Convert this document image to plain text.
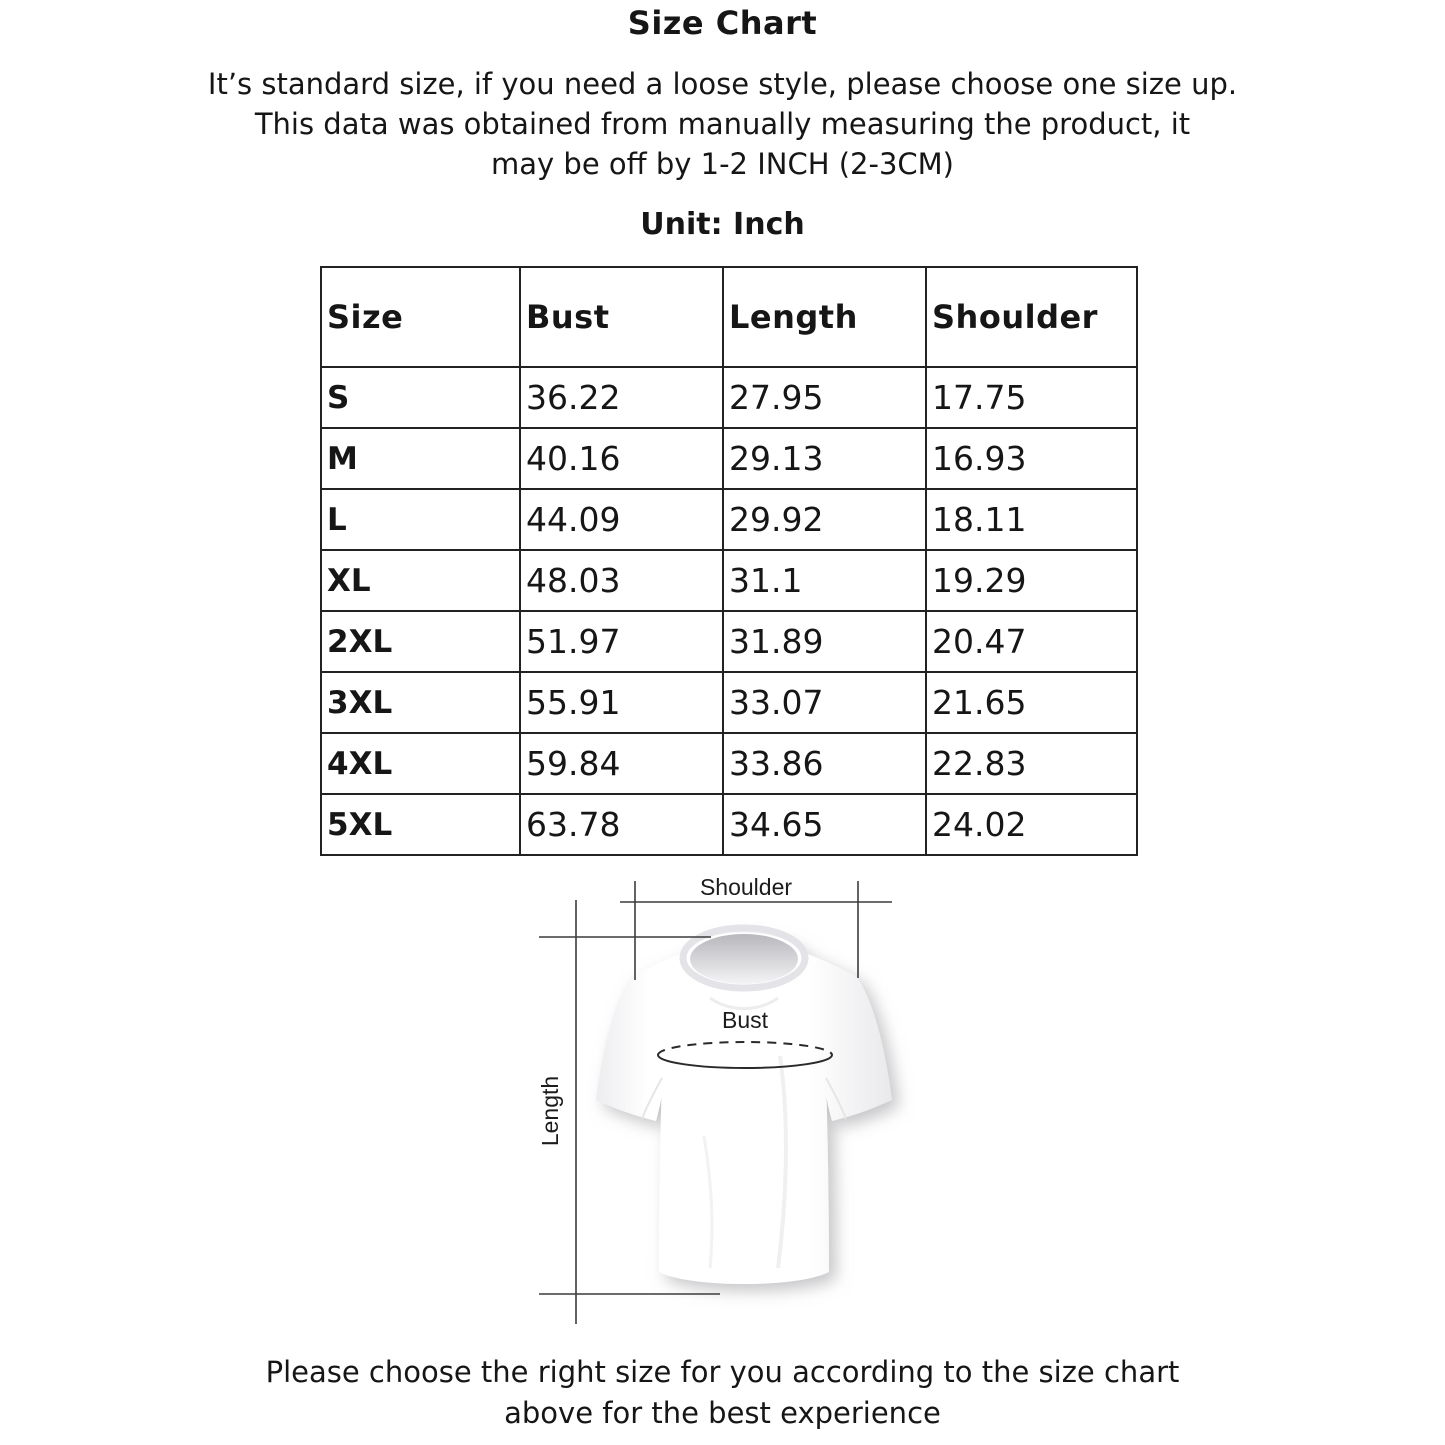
Size Chart
It’s standard size, if you need a loose style, please choose one size up.
This data was obtained from manually measuring the product, it
may be off by 1-2 INCH (2-3CM)
Unit: Inch
Size	Bust	Length	Shoulder
S	36.22	27.95	17.75
M	40.16	29.13	16.93
L	44.09	29.92	18.11
XL	48.03	31.1	19.29
2XL	51.97	31.89	20.47
3XL	55.91	33.07	21.65
4XL	59.84	33.86	22.83
5XL	63.78	34.65	24.02
Shoulder
Bust
Length
Please choose the right size for you according to the size chart
above for the best experience
